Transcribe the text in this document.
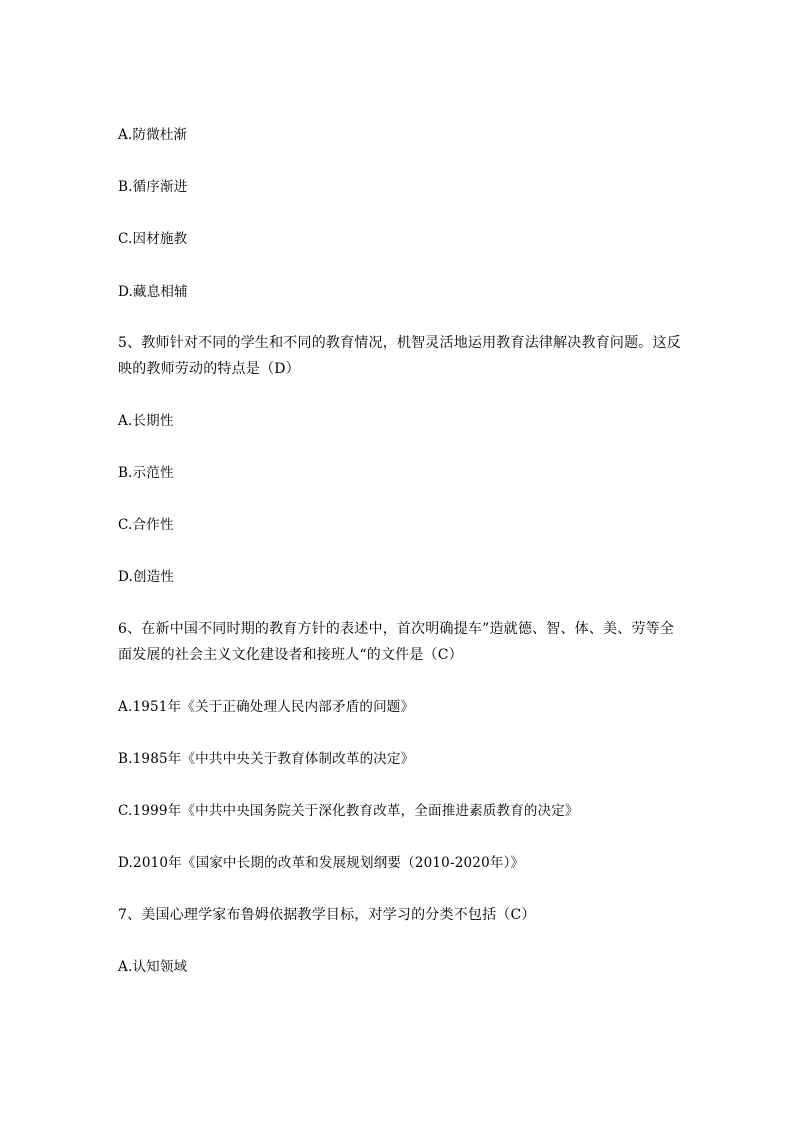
A.防微杜渐
B.循序渐进
C.因材施教
D.藏息相辅
5、教师针对不同的学生和不同的教育情况，机智灵活地运用教育法律解决教育问题。这反
映的教师劳动的特点是（D）
A.长期性
B.示范性
C.合作性
D.创造性
6、在新中国不同时期的教育方针的表述中，首次明确提车”造就德、智、体、美、劳等全
面发展的社会主义文化建设者和接班人“的文件是（C）
A.1951年《关于正确处理人民内部矛盾的问题》
B.1985年《中共中央关于教育体制改革的决定》
C.1999年《中共中央国务院关于深化教育改革，全面推进素质教育的决定》
D.2010年《国家中长期的改革和发展规划纲要（2010-2020年）》
7、美国心理学家布鲁姆依据教学目标，对学习的分类不包括（C）
A.认知领域
